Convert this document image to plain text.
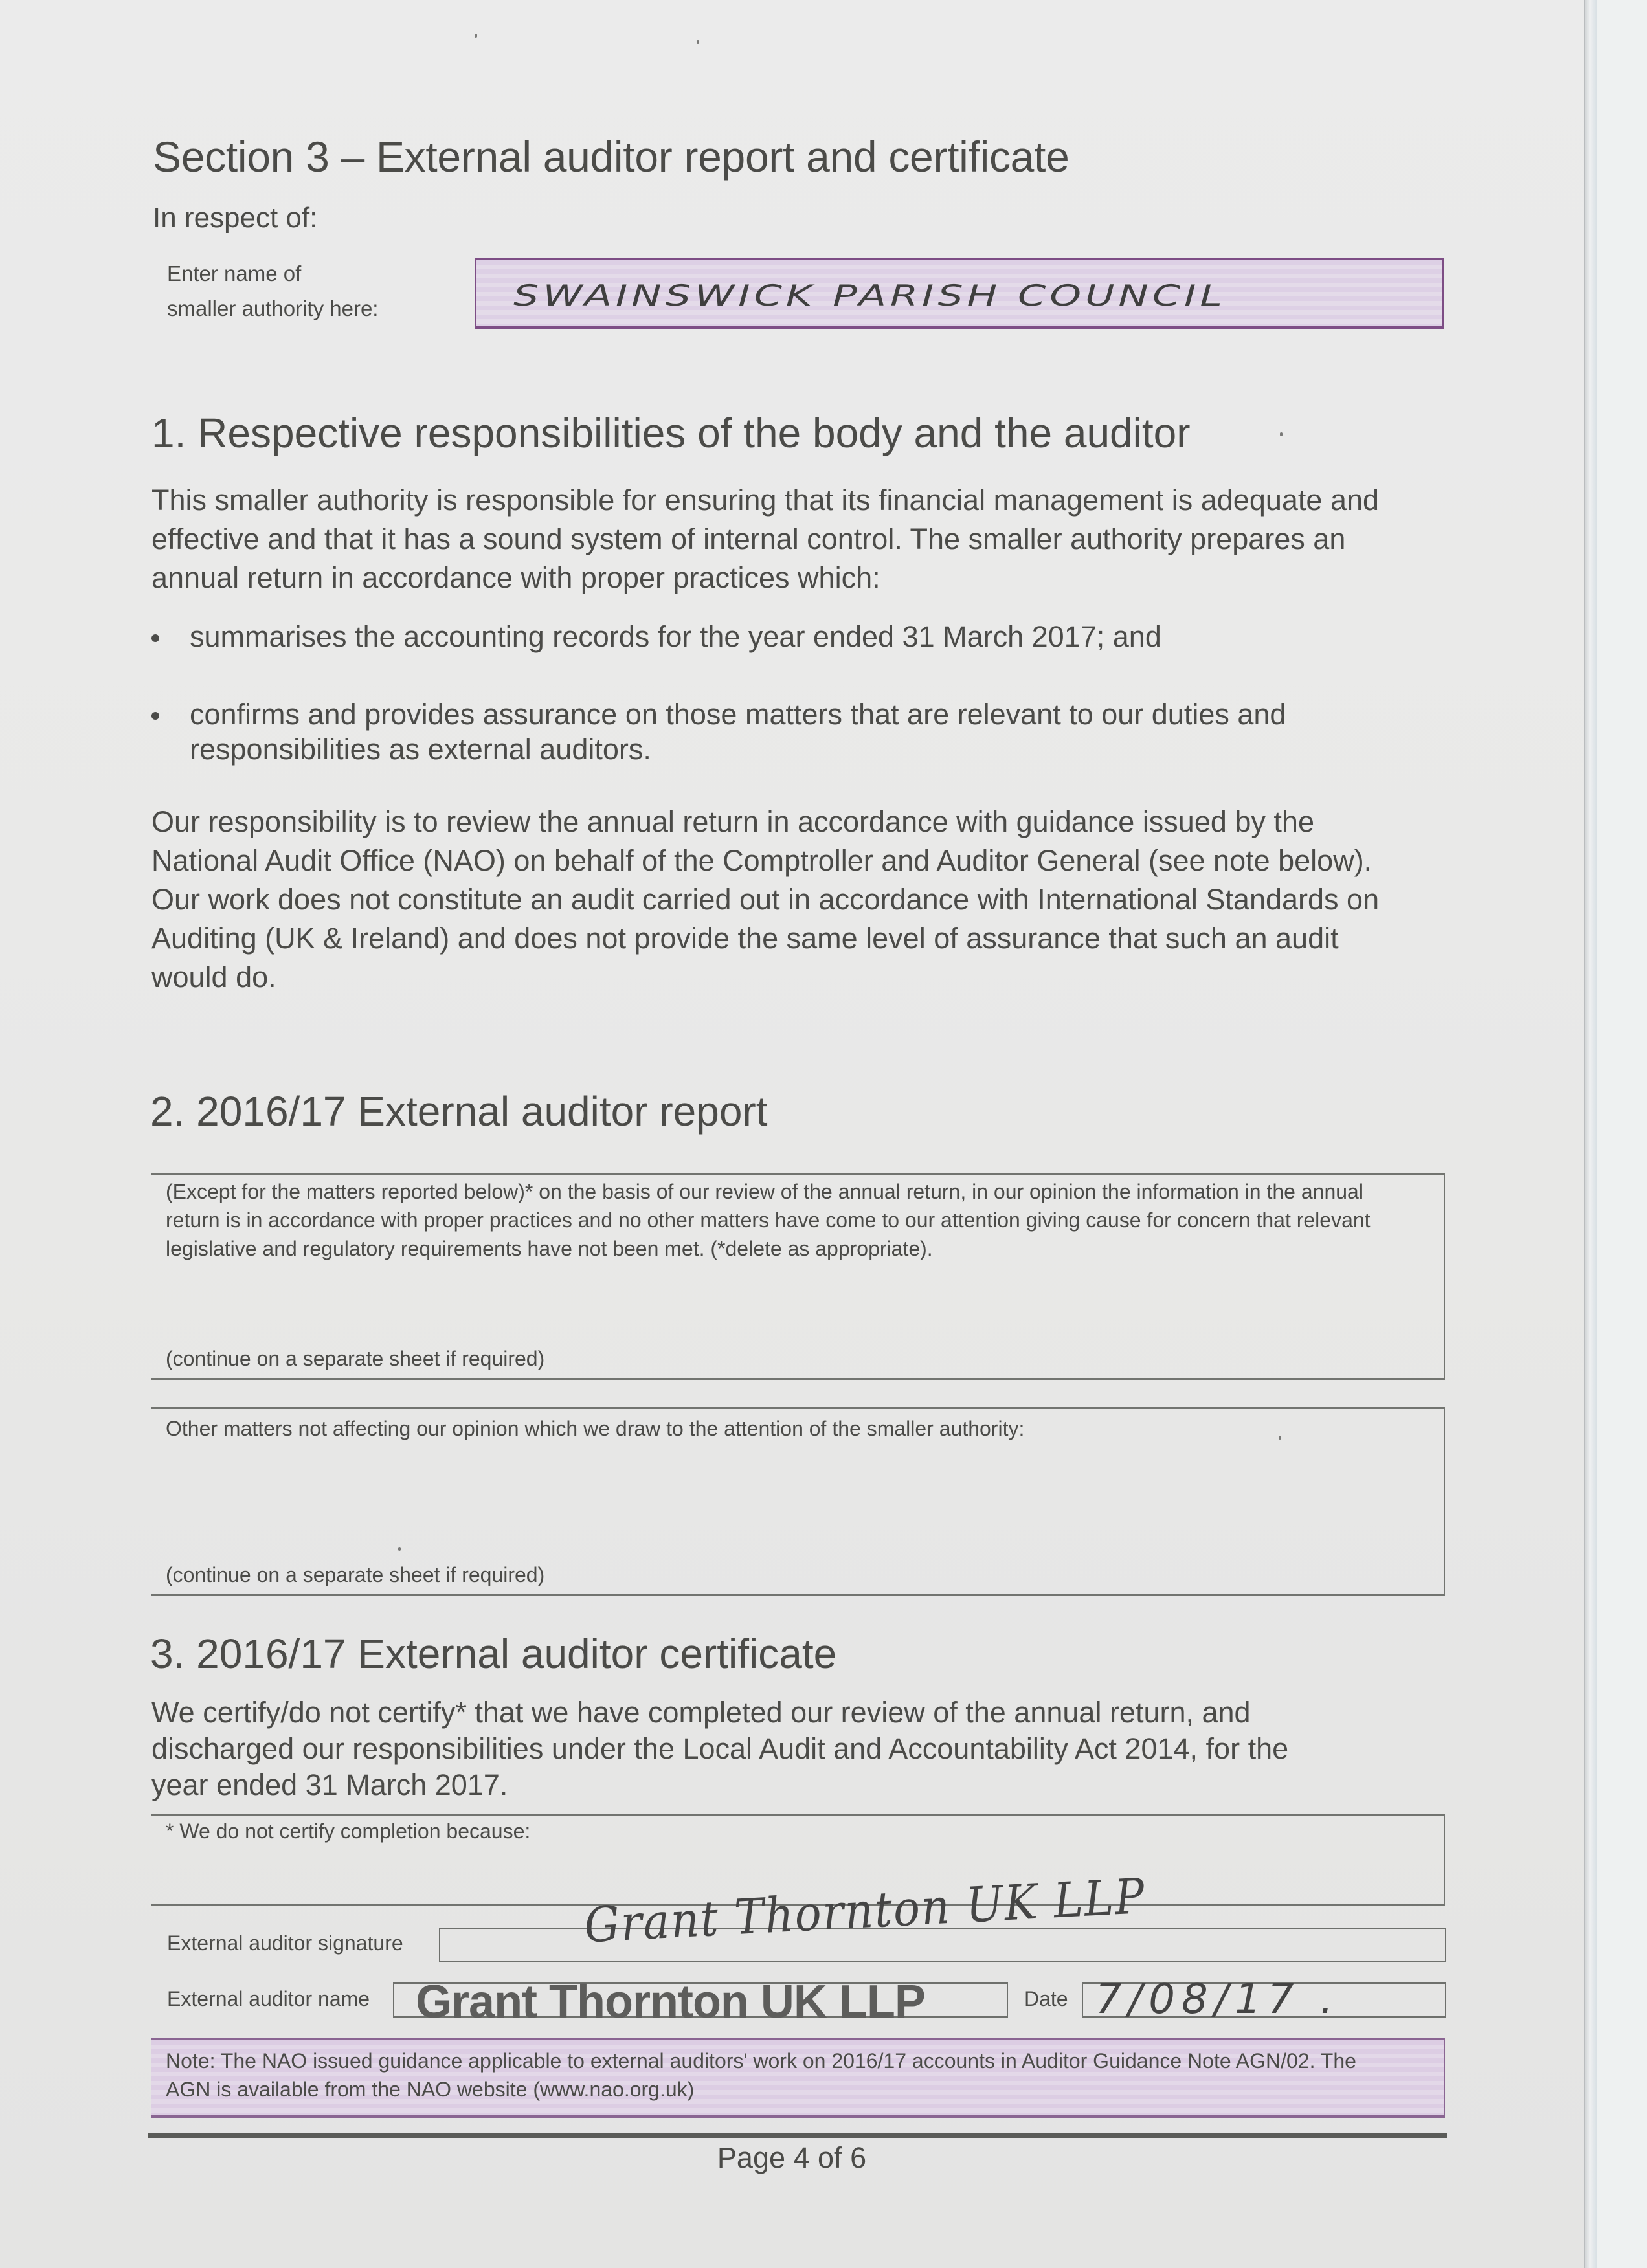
Section 3 – External auditor report and certificate
In respect of:
Enter name of
smaller authority here:	SWAINSWICK PARISH COUNCIL
1. Respective responsibilities of the body and the auditor
This smaller authority is responsible for ensuring that its financial management is adequate and
effective and that it has a sound system of internal control. The smaller authority prepares an
annual return in accordance with proper practices which:
summarises the accounting records for the year ended 31 March 2017; and
confirms and provides assurance on those matters that are relevant to our duties and
responsibilities as external auditors.
Our responsibility is to review the annual return in accordance with guidance issued by the
National Audit Office (NAO) on behalf of the Comptroller and Auditor General (see note below).
Our work does not constitute an audit carried out in accordance with International Standards on
Auditing (UK & Ireland) and does not provide the same level of assurance that such an audit
would do.
2. 2016/17 External auditor report
(Except for the matters reported below)* on the basis of our review of the annual return, in our opinion the information in the annual
return is in accordance with proper practices and no other matters have come to our attention giving cause for concern that relevant
legislative and regulatory requirements have not been met. (*delete as appropriate).
(continue on a separate sheet if required)
Other matters not affecting our opinion which we draw to the attention of the smaller authority:
(continue on a separate sheet if required)
3. 2016/17 External auditor certificate
We certify/do not certify* that we have completed our review of the annual return, and
discharged our responsibilities under the Local Audit and Accountability Act 2014, for the
year ended 31 March 2017.
* We do not certify completion because:
External auditor signature	Grant Thornton UK LLP
External auditor name Grant Thornton UK LLP	Date 7/08/17 .
Note: The NAO issued guidance applicable to external auditors' work on 2016/17 accounts in Auditor Guidance Note AGN/02. The
AGN is available from the NAO website (www.nao.org.uk)
Page 4 of 6
